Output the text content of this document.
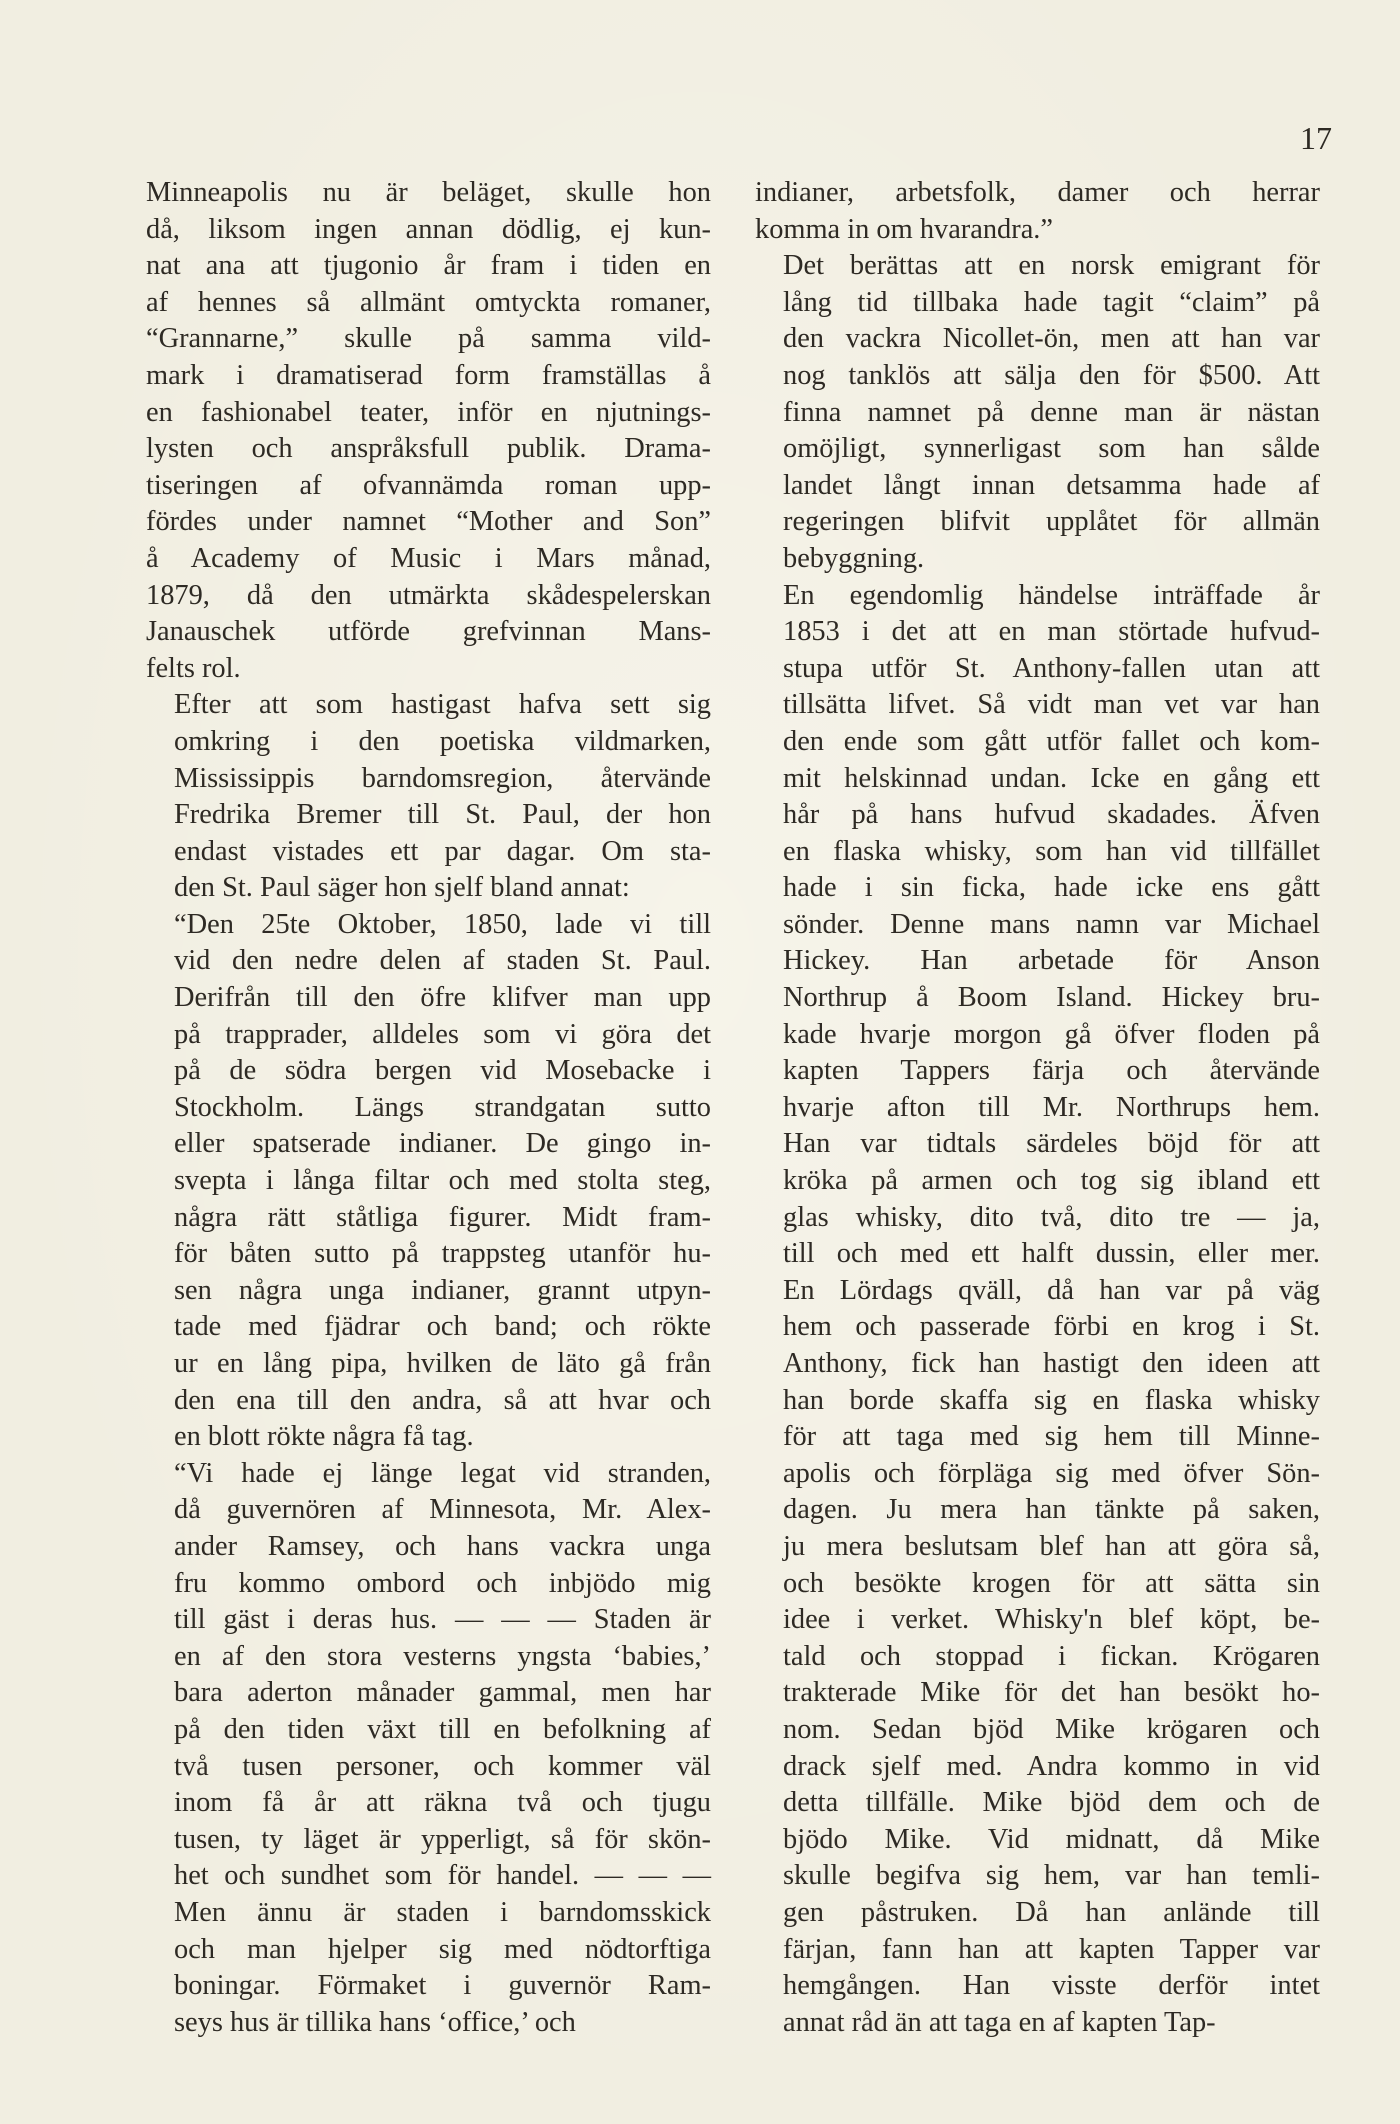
17

Minneapolis nu är beläget, skulle hon
då, liksom ingen annan dödlig, ej kun-
nat ana att tjugonio år fram i tiden en
af hennes så allmänt omtyckta romaner,
“Grannarne,” skulle på samma vild-
mark i dramatiserad form framställas å
en fashionabel teater, inför en njutnings-
lysten och anspråksfull publik. Drama-
tiseringen af ofvannämda roman upp-
fördes under namnet “Mother and Son”
å Academy of Music i Mars månad,
1879, då den utmärkta skådespelerskan
Janauschek utförde grefvinnan Mans-
felts rol.

Efter att som hastigast hafva sett sig
omkring i den poetiska vildmarken,
Mississippis barndomsregion, återvände
Fredrika Bremer till St. Paul, der hon
endast vistades ett par dagar. Om sta-
den St. Paul säger hon sjelf bland annat:

“Den 25te Oktober, 1850, lade vi till
vid den nedre delen af staden St. Paul.
Derifrån till den öfre klifver man upp
på trapprader, alldeles som vi göra det
på de södra bergen vid Mosebacke i
Stockholm. Längs strandgatan sutto
eller spatserade indianer. De gingo in-
svepta i långa filtar och med stolta steg,
några rätt ståtliga figurer. Midt fram-
för båten sutto på trappsteg utanför hu-
sen några unga indianer, grannt utpyn-
tade med fjädrar och band; och rökte
ur en lång pipa, hvilken de läto gå från
den ena till den andra, så att hvar och
en blott rökte några få tag.

“Vi hade ej länge legat vid stranden,
då guvernören af Minnesota, Mr. Alex-
ander Ramsey, och hans vackra unga
fru kommo ombord och inbjödo mig
till gäst i deras hus. — — — Staden är
en af den stora vesterns yngsta ‘babies,’
bara aderton månader gammal, men har
på den tiden växt till en befolkning af
två tusen personer, och kommer väl
inom få år att räkna två och tjugu
tusen, ty läget är ypperligt, så för skön-
het och sundhet som för handel. — — —
Men ännu är staden i barndomsskick
och man hjelper sig med nödtorftiga
boningar. Förmaket i guvernör Ram-
seys hus är tillika hans ‘office,’ och

indianer, arbetsfolk, damer och herrar
komma in om hvarandra.”

Det berättas att en norsk emigrant för
lång tid tillbaka hade tagit “claim” på
den vackra Nicollet-ön, men att han var
nog tanklös att sälja den för $500. Att
finna namnet på denne man är nästan
omöjligt, synnerligast som han sålde
landet långt innan detsamma hade af
regeringen blifvit upplåtet för allmän
bebyggning.

En egendomlig händelse inträffade år
1853 i det att en man störtade hufvud-
stupa utför St. Anthony-fallen utan att
tillsätta lifvet. Så vidt man vet var han
den ende som gått utför fallet och kom-
mit helskinnad undan. Icke en gång ett
hår på hans hufvud skadades. Äfven
en flaska whisky, som han vid tillfället
hade i sin ficka, hade icke ens gått
sönder. Denne mans namn var Michael
Hickey. Han arbetade för Anson
Northrup å Boom Island. Hickey bru-
kade hvarje morgon gå öfver floden på
kapten Tappers färja och återvände
hvarje afton till Mr. Northrups hem.
Han var tidtals särdeles böjd för att
kröka på armen och tog sig ibland ett
glas whisky, dito två, dito tre — ja,
till och med ett halft dussin, eller mer.
En Lördags qväll, då han var på väg
hem och passerade förbi en krog i St.
Anthony, fick han hastigt den ideen att
han borde skaffa sig en flaska whisky
för att taga med sig hem till Minne-
apolis och förpläga sig med öfver Sön-
dagen. Ju mera han tänkte på saken,
ju mera beslutsam blef han att göra så,
och besökte krogen för att sätta sin
idee i verket. Whisky'n blef köpt, be-
tald och stoppad i fickan. Krögaren
trakterade Mike för det han besökt ho-
nom. Sedan bjöd Mike krögaren och
drack sjelf med. Andra kommo in vid
detta tillfälle. Mike bjöd dem och de
bjödo Mike. Vid midnatt, då Mike
skulle begifva sig hem, var han temli-
gen påstruken. Då han anlände till
färjan, fann han att kapten Tapper var
hemgången. Han visste derför intet
annat råd än att taga en af kapten Tap-
